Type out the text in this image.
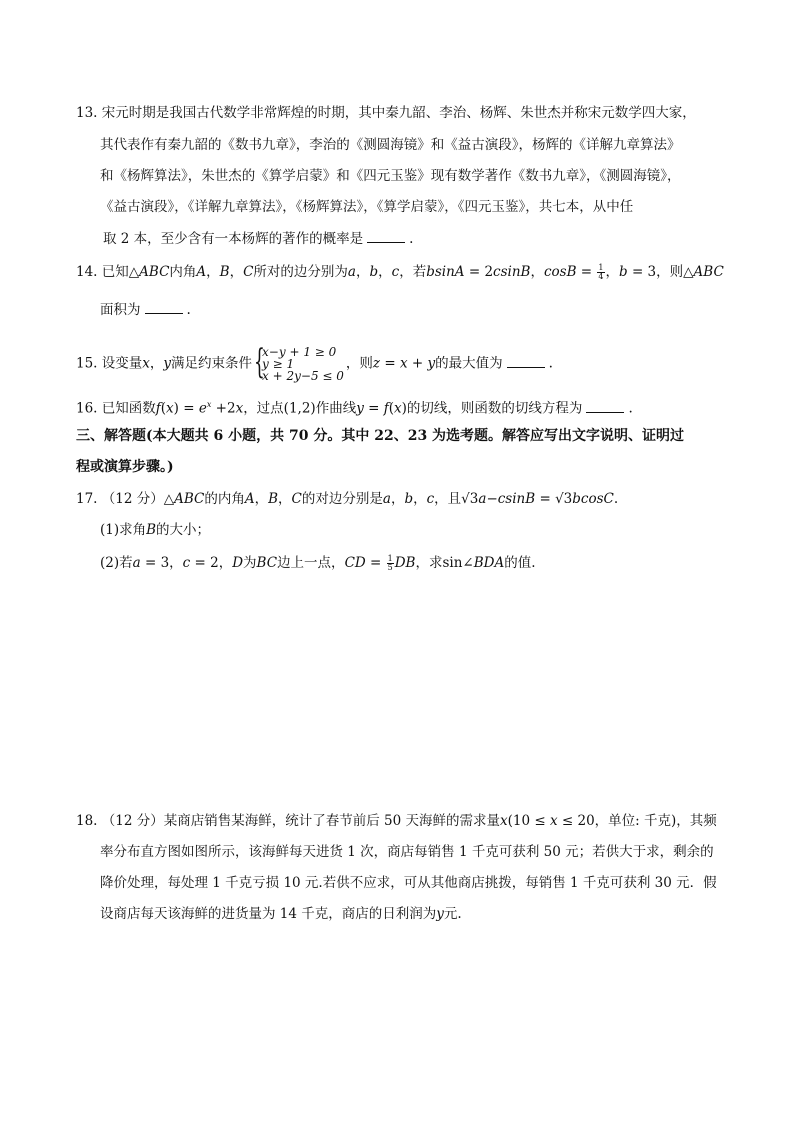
13. 宋元时期是我国古代数学非常辉煌的时期，其中秦九韶、李治、杨辉、朱世杰并称宋元数学四大家，
其代表作有秦九韶的《数书九章》，李治的《测圆海镜》和《益古演段》，杨辉的《详解九章算法》
和《杨辉算法》，朱世杰的《算学启蒙》和《四元玉鉴》现有数学著作《数书九章》，《测圆海镜》，
《益古演段》，《详解九章算法》，《杨辉算法》，《算学启蒙》，《四元玉鉴》，共七本，从中任
取 2 本，至少含有一本杨辉的著作的概率是	.
14. 已知△ABC内角A，B，C所对的边分别为a，b，c，若bsinA = 2csinB，$\cos B = \frac{1}{4}$ ，b = 3，则△ABC
面积为	.
15. 设变量x，y满足约束条件 {
x−y + 1 ≥ 0
y ≥ 1
x + 2y−5 ≤ 0
，则z = x + y的最大值为	.
16. 已知函数$f(x) = e^x +2x$，过点(1,2)作曲线y = f(x)的切线，则函数的切线方程为	.
三、解答题(本大题共 6 小题，共 70 分。其中 22、23 为选考题。解答应写出文字说明、证明过
程或演算步骤。)
17. （12 分）△ABC的内角A，B，C的对边分别是a，b，c，且√3a−csinB = √3bcosC.
(1)求角B的大小；
(2)若a = 3，c = 2，D为BC边上一点，CD = $\frac{1}{5}$ DB，求sin∠BDA的值.
18. （12 分）某商店销售某海鲜，统计了春节前后 50 天海鲜的需求量x(10 ≤ x ≤ 20，单位: 千克)，其频
率分布直方图如图所示，该海鲜每天进货 1 次，商店每销售 1 千克可获利 50 元；若供大于求，剩余的
降价处理，每处理 1 千克亏损 10 元.若供不应求，可从其他商店挑拨，每销售 1 千克可获利 30 元．假
设商店每天该海鲜的进货量为 14 千克，商店的日利润为y元.
